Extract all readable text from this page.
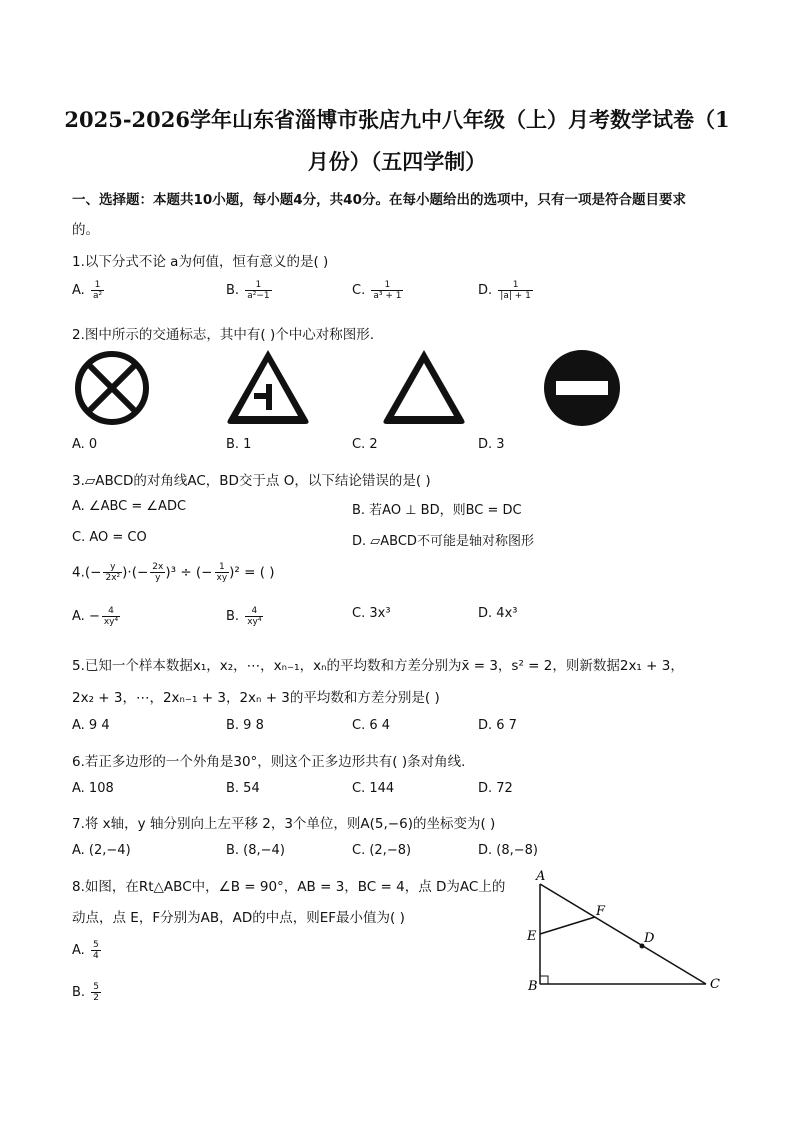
2025-2026学年山东省淄博市张店九中八年级（上）月考数学试卷（1
月份）（五四学制）
一、选择题：本题共10小题，每小题4分，共40分。在每小题给出的选项中，只有一项是符合题目要求
的。
1.以下分式不论 a为何值，恒有意义的是( )
A. $\frac{1}{\text{a²}}$	B. $\frac{1}{\text{a²−1}}$	C. $\frac{1}{\text{a³ + 1}}$	D. $\frac{1}{|a| + 1}$
2.图中所示的交通标志，其中有( )个中心对称图形.
A. 0	B. 1	C. 2	D. 3
3.▱ABCD的对角线AC，BD交于点 O，以下结论错误的是( )
A. ∠ABC = ∠ADC	B. 若AO ⊥ BD，则BC = DC
C. AO = CO	D. ▱ABCD不可能是轴对称图形
$4.(- \frac{y}{\text{2x²}}$ )·(− $\frac{2x}{y} )^3$ ÷ (− $\frac{1}{xy} )^2$ = ( )
A. − $\frac{4}{\text{xy⁴}}$	B. $\frac{4}{\text{xy⁴}}$	C. 3x³	D. 4x³
5.已知一个样本数据x₁，x₂，⋯，xₙ₋₁，xₙ的平均数和方差分别为x̄ = 3，s² = 2，则新数据2x₁ + 3，
2x₂ + 3，⋯，2xₙ₋₁ + 3，2xₙ + 3的平均数和方差分别是( )
A. 9 4	B. 9 8	C. 6 4	D. 6 7
6.若正多边形的一个外角是30°，则这个正多边形共有( )条对角线.
A. 108	B. 54	C. 144	D. 72
7.将 x轴，y 轴分别向上左平移 2，3个单位，则A(5,−6)的坐标变为( )
A. (2,−4)	B. (8,−4)	C. (2,−8)	D. (8,−8)
8.如图，在Rt△ABC中，∠B = 90°，AB = 3，BC = 4，点 D为AC上的
动点，点 E，F分别为AB，AD的中点，则EF最小值为( )
A. $\frac{5}{4}$
B. $\frac{5}{2}$
A
B	C
D
E
F
